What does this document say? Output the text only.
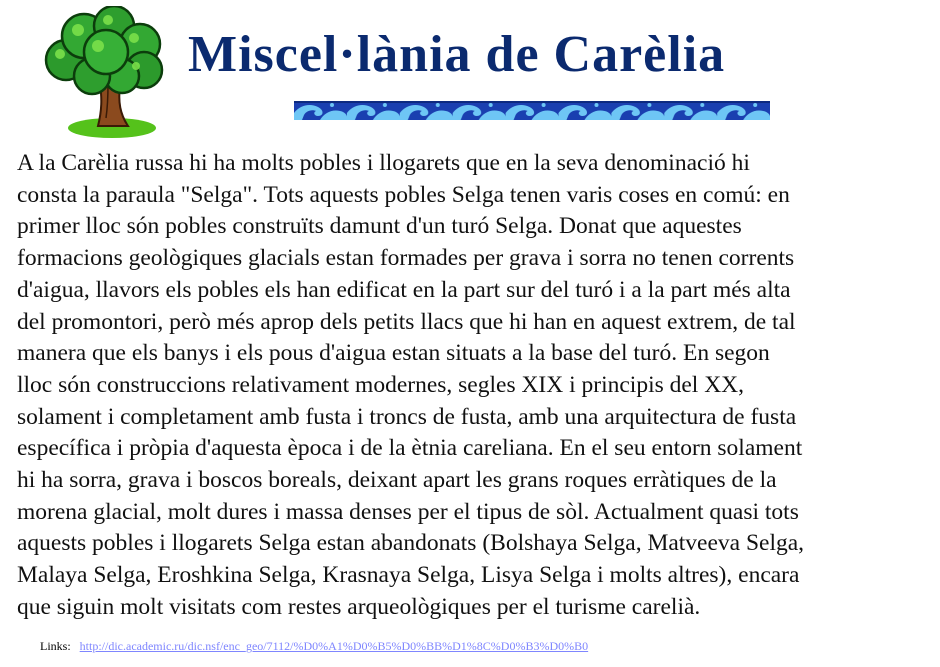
Miscel·lània de Carèlia

A la Carèlia russa hi ha molts pobles i llogarets que en la seva denominació hi
consta la paraula "Selga". Tots aquests pobles Selga tenen varis coses en comú: en
primer lloc són pobles construïts damunt d'un turó Selga. Donat que aquestes
formacions geològiques glacials estan formades per grava i sorra no tenen corrents
d'aigua, llavors els pobles els han edificat en la part sur del turó i a la part més alta
del promontori, però més aprop dels petits llacs que hi han en aquest extrem, de tal
manera que els banys i els pous d'aigua estan situats a la base del turó. En segon
lloc són construccions relativament modernes, segles XIX i principis del XX,
solament i completament amb fusta i troncs de fusta, amb una arquitectura de fusta
específica i pròpia d'aquesta època i de la ètnia careliana. En el seu entorn solament
hi ha sorra, grava i boscos boreals, deixant apart les grans roques erràtiques de la
morena glacial, molt dures i massa denses per el tipus de sòl. Actualment quasi tots
aquests pobles i llogarets Selga estan abandonats (Bolshaya Selga, Matveeva Selga,
Malaya Selga, Eroshkina Selga, Krasnaya Selga, Lisya Selga i molts altres), encara
que siguin molt visitats com restes arqueològiques per el turisme carelià.

Links: http://dic.academic.ru/dic.nsf/enc_geo/7112/%D0%A1%D0%B5%D0%BB%D1%8C%D0%B3%D0%B0
